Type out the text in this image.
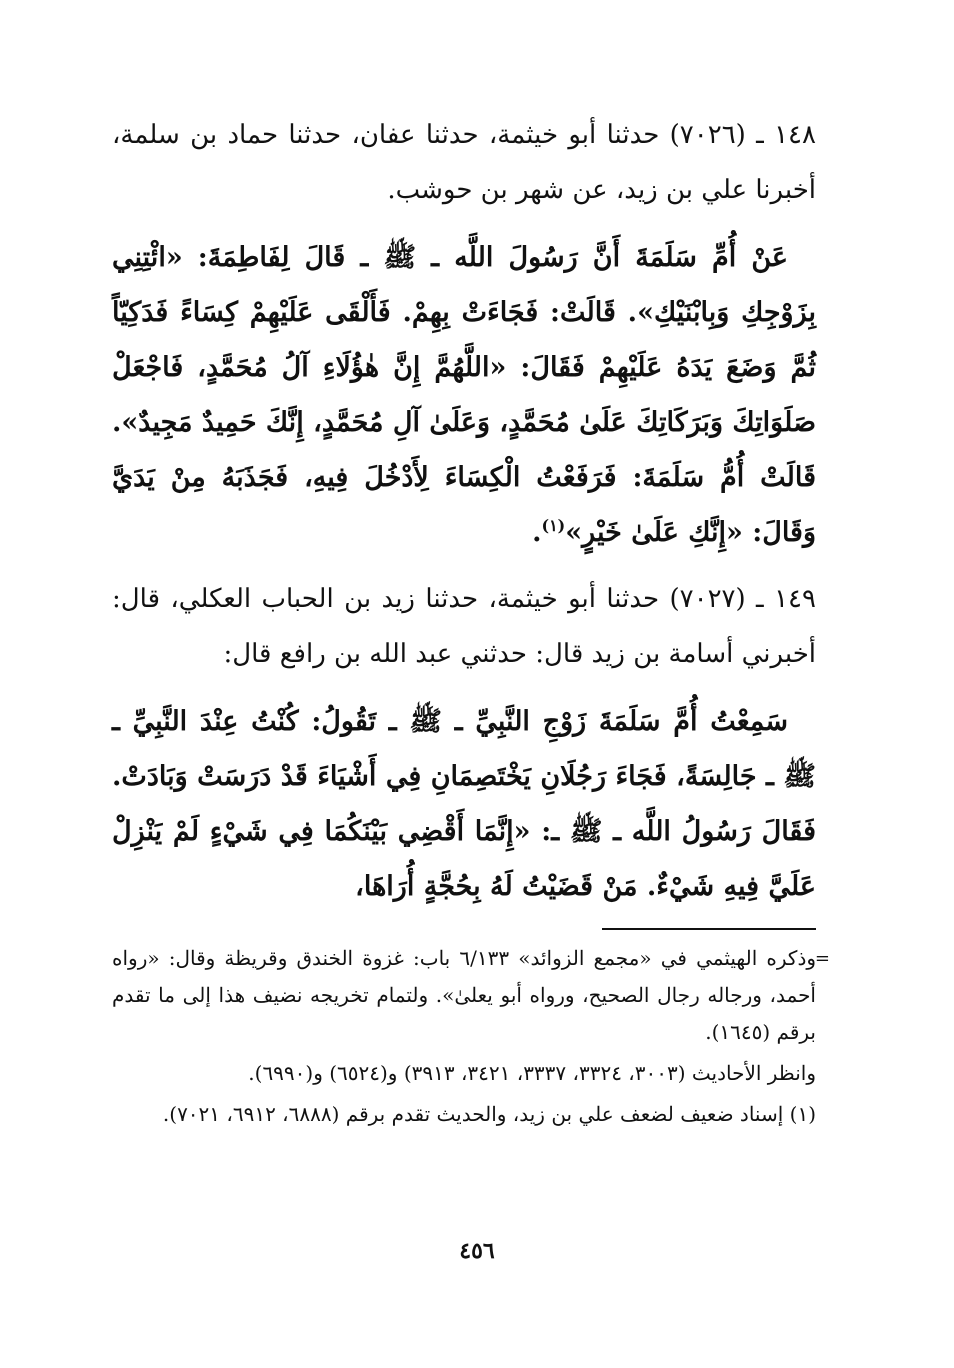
١٤٨ ـ (٧٠٢٦) حدثنا أبو خيثمة، حدثنا عفان، حدثنا حماد بن سلمة، أخبرنا علي بن زيد، عن شهر بن حوشب.

عَنْ أُمِّ سَلَمَةَ أَنَّ رَسُولَ اللَّه ـ ﷺ ـ قَالَ لِفَاطِمَةَ: «ائْتِنِي بِزَوْجِكِ وَبِابْنَيْكِ». قَالَتْ: فَجَاءَتْ بِهِمْ. فَأَلْقَى عَلَيْهِمْ كِسَاءً فَدَكِيّاً ثُمَّ وَضَعَ يَدَهُ عَلَيْهِمْ فَقَالَ: «اللَّهُمَّ إِنَّ هٰؤُلَاءِ آلُ مُحَمَّدٍ، فَاجْعَلْ صَلَوَاتِكَ وَبَرَكَاتِكَ عَلَىٰ مُحَمَّدٍ، وَعَلَىٰ آلِ مُحَمَّدٍ، إِنَّكَ حَمِيدٌ مَجِيدٌ». قَالَتْ أُمُّ سَلَمَةَ: فَرَفَعْتُ الْكِسَاءَ لِأَدْخُلَ فِيهِ، فَجَذَبَهُ مِنْ يَدَيَّ وَقَالَ: «إِنَّكِ عَلَىٰ خَيْرٍ»$^{(١)}$.

١٤٩ ـ (٧٠٢٧) حدثنا أبو خيثمة، حدثنا زيد بن الحباب العكلي، قال: أخبرني أسامة بن زيد قال: حدثني عبد الله بن رافع قال:

سَمِعْتُ أُمَّ سَلَمَةَ زَوْجِ النَّبِيِّ ـ ﷺ ـ تَقُولُ: كُنْتُ عِنْدَ النَّبِيِّ ـ ﷺ ـ جَالِسَةً، فَجَاءَ رَجُلَانِ يَخْتَصِمَانِ فِي أَشْيَاءَ قَدْ دَرَسَتْ وَبَادَتْ. فَقَالَ رَسُولُ اللَّه ـ ﷺ ـ: «إِنَّمَا أَقْضِي بَيْنَكُمَا فِي شَيْءٍ لَمْ يَنْزِلْ عَلَيَّ فِيهِ شَيْءٌ. مَنْ قَضَيْتُ لَهُ بِحُجَّةٍ أُرَاهَا،

= وذكره الهيثمي في «مجمع الزوائد» ٦/١٣٣ باب: غزوة الخندق وقريظة وقال: «رواه أحمد، ورجاله رجال الصحيح، ورواه أبو يعلىٰ». ولتمام تخريجه نضيف هذا إلى ما تقدم برقم (١٦٤٥).

وانظر الأحاديث (٣٠٠٣، ٣٣٢٤، ٣٣٣٧، ٣٤٢١، ٣٩١٣) و(٦٥٢٤) و(٦٩٩٠).

(١) إسناد ضعيف لضعف علي بن زيد، والحديث تقدم برقم (٦٨٨٨، ٦٩١٢، ٧٠٢١).

٤٥٦
